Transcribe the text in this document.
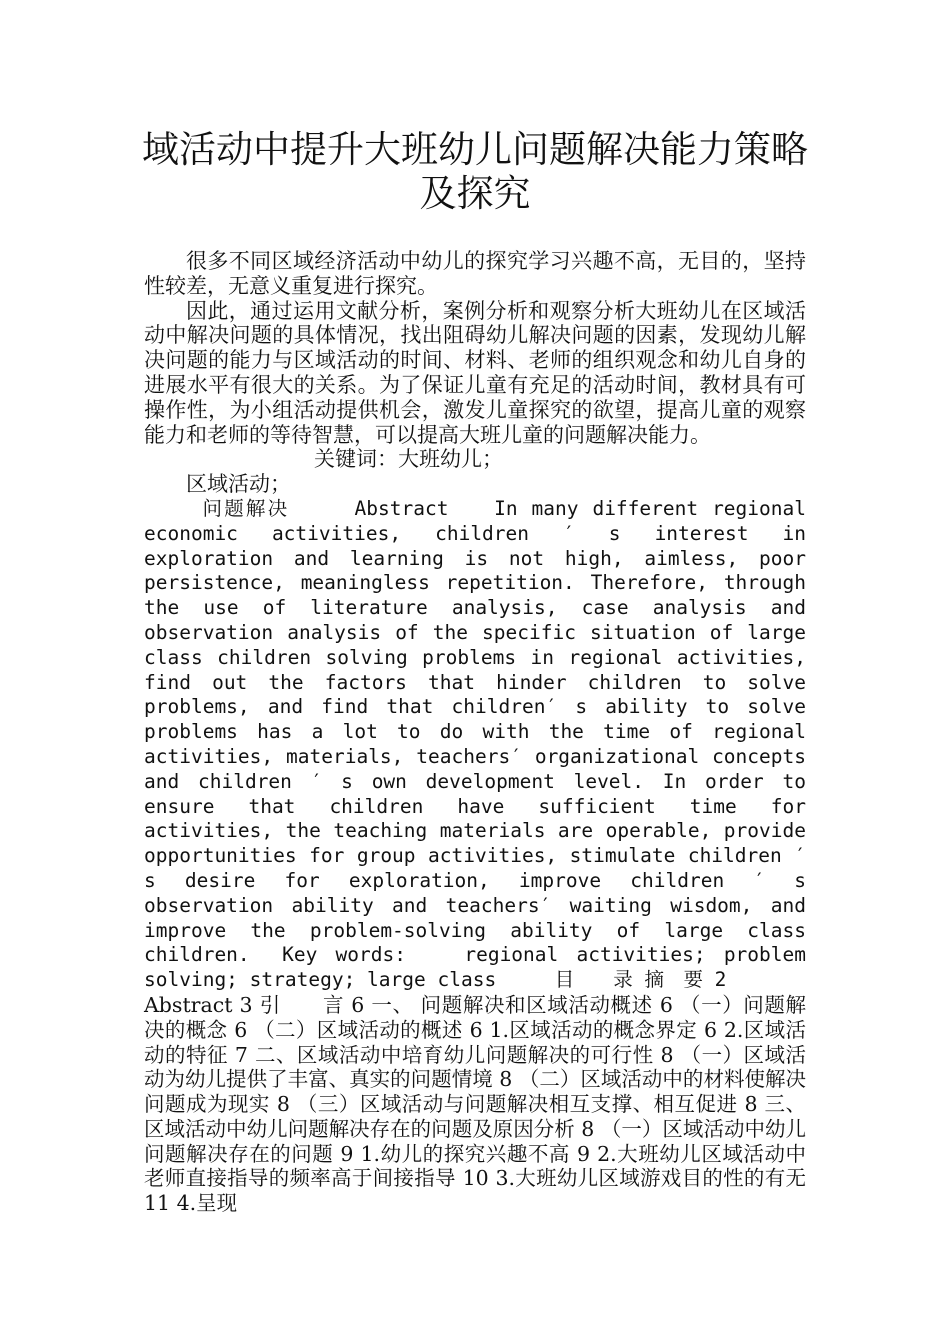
域活动中提升大班幼儿问题解决能力策略
及探究

很多不同区域经济活动中幼儿的探究学习兴趣不高，无目的，坚持性较差，无意义重复进行探究。

因此，通过运用文献分析，案例分析和观察分析大班幼儿在区域活动中解决问题的具体情况，找出阻碍幼儿解决问题的因素，发现幼儿解决问题的能力与区域活动的时间、材料、老师的组织观念和幼儿自身的进展水平有很大的关系。为了保证儿童有充足的活动时间，教材具有可操作性，为小组活动提供机会，激发儿童探究的欲望，提高儿童的观察能力和老师的等待智慧，可以提高大班儿童的问题解决能力。

关键词：大班幼儿；

区域活动；

问题解决　　　Abstract　　In many different regional economic activities, children ′ s interest in exploration and learning is not high, aimless, poor persistence, meaningless repetition. Therefore, through the use of literature analysis, case analysis and observation analysis of the specific situation of large class children solving problems in regional activities, find out the factors that hinder children to solve problems, and find that children′ s ability to solve problems has a lot to do with the time of regional activities, materials, teachers′ organizational concepts and children ′ s own development level. In order to ensure that children have sufficient time for activities, the teaching materials are operable, provide opportunities for group activities, stimulate children ′ s desire for exploration, improve children ′ s observation ability and teachers′ waiting wisdom, and improve the problem-solving ability of large class children.　Key words:　　regional activities; problem solving; strategy; large class　　　目　　录 摘　要 2

Abstract 3 引　　言 6 一、 问题解决和区域活动概述 6 （一）问题解决的概念 6 （二）区域活动的概述 6 1.区域活动的概念界定 6 2.区域活动的特征 7 二、区域活动中培育幼儿问题解决的可行性 8 （一）区域活动为幼儿提供了丰富、真实的问题情境 8 （二）区域活动中的材料使解决问题成为现实 8 （三）区域活动与问题解决相互支撑、相互促进 8 三、区域活动中幼儿问题解决存在的问题及原因分析 8 （一）区域活动中幼儿问题解决存在的问题 9 1.幼儿的探究兴趣不高 9 2.大班幼儿区域活动中老师直接指导的频率高于间接指导 10 3.大班幼儿区域游戏目的性的有无 11 4.呈现
